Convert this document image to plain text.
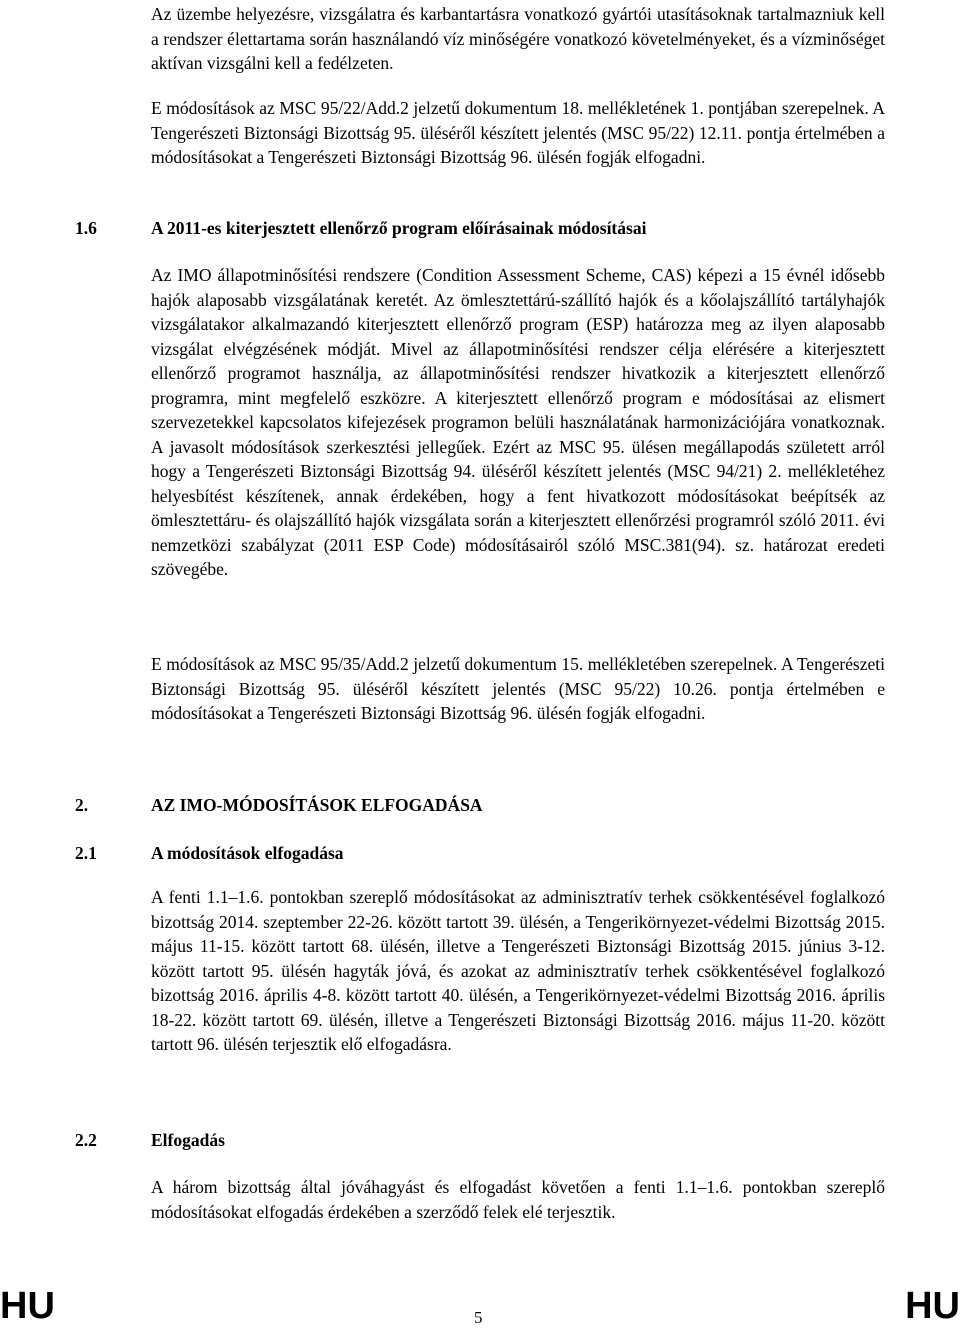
Az üzembe helyezésre, vizsgálatra és karbantartásra vonatkozó gyártói utasításoknak tartalmazniuk kell a rendszer élettartama során használandó víz minőségére vonatkozó követelményeket, és a vízminőséget aktívan vizsgálni kell a fedélzeten.

E módosítások az MSC 95/22/Add.2 jelzetű dokumentum 18. mellékletének 1. pontjában szerepelnek. A Tengerészeti Biztonsági Bizottság 95. üléséről készített jelentés (MSC 95/22) 12.11. pontja értelmében a módosításokat a Tengerészeti Biztonsági Bizottság 96. ülésén fogják elfogadni.

1.6	A 2011-es kiterjesztett ellenőrző program előírásainak módosításai

Az IMO állapotminősítési rendszere (Condition Assessment Scheme, CAS) képezi a 15 évnél idősebb hajók alaposabb vizsgálatának keretét. Az ömlesztettárú-szállító hajók és a kőolajszállító tartályhajók vizsgálatakor alkalmazandó kiterjesztett ellenőrző program (ESP) határozza meg az ilyen alaposabb vizsgálat elvégzésének módját. Mivel az állapotminősítési rendszer célja elérésére a kiterjesztett ellenőrző programot használja, az állapotminősítési rendszer hivatkozik a kiterjesztett ellenőrző programra, mint megfelelő eszközre. A kiterjesztett ellenőrző program e módosításai az elismert szervezetekkel kapcsolatos kifejezések programon belüli használatának harmonizációjára vonatkoznak. A javasolt módosítások szerkesztési jellegűek. Ezért az MSC 95. ülésen megállapodás született arról hogy a Tengerészeti Biztonsági Bizottság 94. üléséről készített jelentés (MSC 94/21) 2. mellékletéhez helyesbítést készítenek, annak érdekében, hogy a fent hivatkozott módosításokat beépítsék az ömlesztettáru- és olajszállító hajók vizsgálata során a kiterjesztett ellenőrzési programról szóló 2011. évi nemzetközi szabályzat (2011 ESP Code) módosításairól szóló MSC.381(94). sz. határozat eredeti szövegébe.

E módosítások az MSC 95/35/Add.2 jelzetű dokumentum 15. mellékletében szerepelnek. A Tengerészeti Biztonsági Bizottság 95. üléséről készített jelentés (MSC 95/22) 10.26. pontja értelmében e módosításokat a Tengerészeti Biztonsági Bizottság 96. ülésén fogják elfogadni.

2.	AZ IMO-MÓDOSÍTÁSOK ELFOGADÁSA
2.1	A módosítások elfogadása

A fenti 1.1–1.6. pontokban szereplő módosításokat az adminisztratív terhek csökkentésével foglalkozó bizottság 2014. szeptember 22-26. között tartott 39. ülésén, a Tengerikörnyezet-védelmi Bizottság 2015. május 11-15. között tartott 68. ülésén, illetve a Tengerészeti Biztonsági Bizottság 2015. június 3-12. között tartott 95. ülésén hagyták jóvá, és azokat az adminisztratív terhek csökkentésével foglalkozó bizottság 2016. április 4-8. között tartott 40. ülésén, a Tengerikörnyezet-védelmi Bizottság 2016. április 18-22. között tartott 69. ülésén, illetve a Tengerészeti Biztonsági Bizottság 2016. május 11-20. között tartott 96. ülésén terjesztik elő elfogadásra.

2.2	Elfogadás

A három bizottság által jóváhagyást és elfogadást követően a fenti 1.1–1.6. pontokban szereplő módosításokat elfogadás érdekében a szerződő felek elé terjesztik.

HU	5	HU
